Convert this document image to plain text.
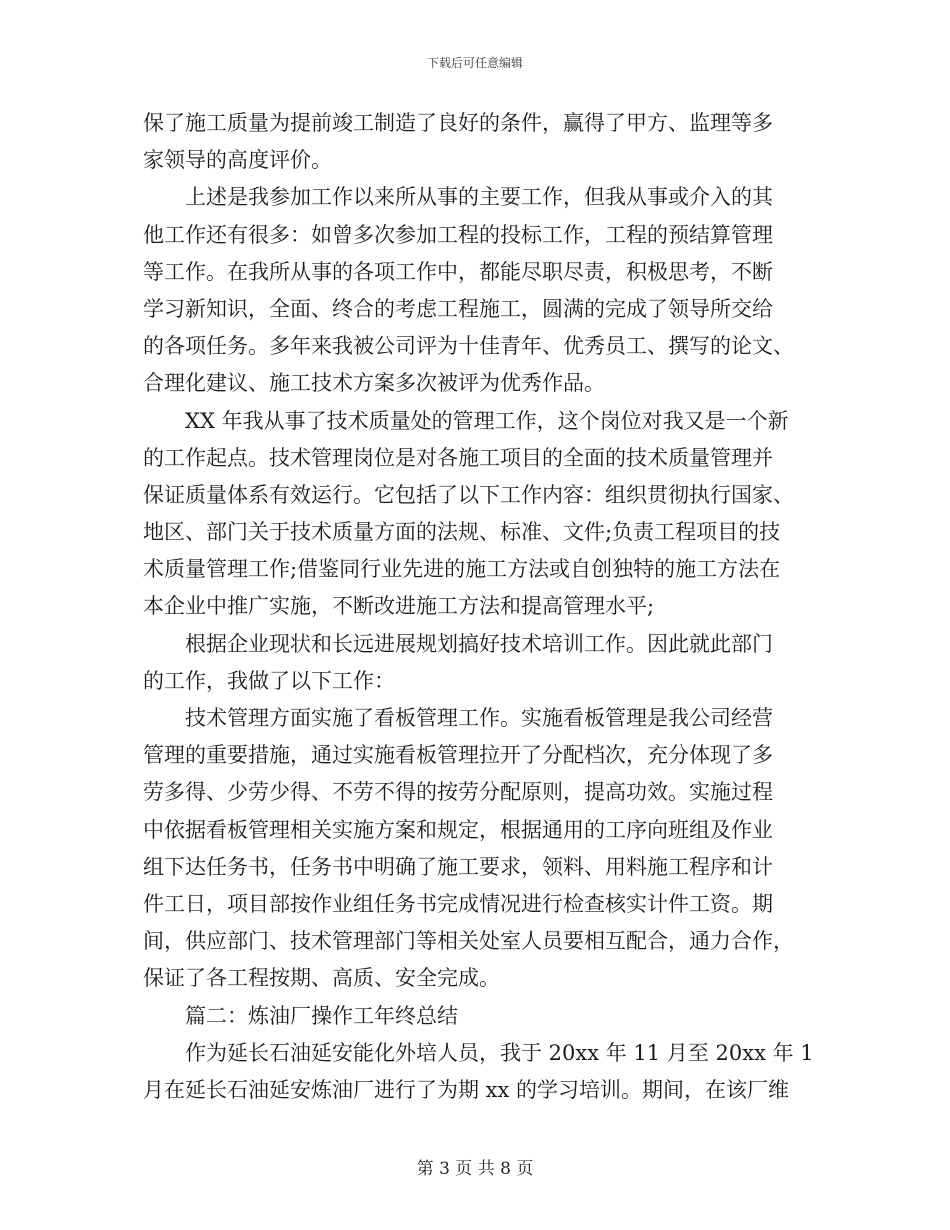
下载后可任意编辑
保了施工质量为提前竣工制造了良好的条件，赢得了甲方、监理等多
家领导的高度评价。
　　上述是我参加工作以来所从事的主要工作，但我从事或介入的其
他工作还有很多：如曾多次参加工程的投标工作，工程的预结算管理
等工作。在我所从事的各项工作中，都能尽职尽责，积极思考，不断
学习新知识，全面、终合的考虑工程施工，圆满的完成了领导所交给
的各项任务。多年来我被公司评为十佳青年、优秀员工、撰写的论文、
合理化建议、施工技术方案多次被评为优秀作品。
　　XX 年我从事了技术质量处的管理工作，这个岗位对我又是一个新
的工作起点。技术管理岗位是对各施工项目的全面的技术质量管理并
保证质量体系有效运行。它包括了以下工作内容：组织贯彻执行国家、
地区、部门关于技术质量方面的法规、标准、文件;负责工程项目的技
术质量管理工作;借鉴同行业先进的施工方法或自创独特的施工方法在
本企业中推广实施，不断改进施工方法和提高管理水平;
　　根据企业现状和长远进展规划搞好技术培训工作。因此就此部门
的工作，我做了以下工作：
　　技术管理方面实施了看板管理工作。实施看板管理是我公司经营
管理的重要措施，通过实施看板管理拉开了分配档次，充分体现了多
劳多得、少劳少得、不劳不得的按劳分配原则，提高功效。实施过程
中依据看板管理相关实施方案和规定，根据通用的工序向班组及作业
组下达任务书，任务书中明确了施工要求，领料、用料施工程序和计
件工日，项目部按作业组任务书完成情况进行检查核实计件工资。期
间，供应部门、技术管理部门等相关处室人员要相互配合，通力合作，
保证了各工程按期、高质、安全完成。
　　篇二：炼油厂操作工年终总结
　　作为延长石油延安能化外培人员，我于 20xx 年 11 月至 20xx 年 1
月在延长石油延安炼油厂进行了为期 xx 的学习培训。期间，在该厂维
第 3 页 共 8 页
